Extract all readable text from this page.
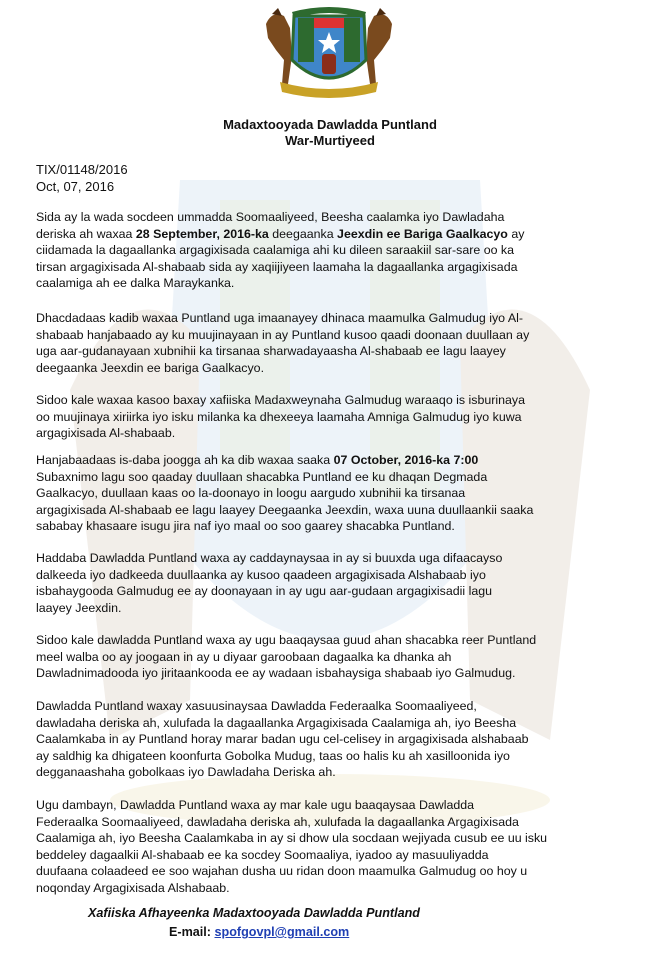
Madaxtooyada Dawladda Puntland
War-Murtiyeed
TIX/01148/2016
Oct, 07, 2016
Sida ay la wada socdeen ummadda Soomaaliyeed, Beesha caalamka iyo Dawladaha
deriska ah waxaa 28 September, 2016-ka deegaanka Jeexdin ee Bariga Gaalkacyo ay
ciidamada la dagaallanka argagixisada caalamiga ahi ku dileen saraakiil sar-sare oo ka
tirsan argagixisada Al-shabaab sida ay xaqiijiyeen laamaha la dagaallanka argagixisada
caalamiga ah ee dalka Maraykanka.
Dhacdadaas kadib waxaa Puntland uga imaanayey dhinaca maamulka Galmudug iyo Al-
shabaab hanjabaado ay ku muujinayaan in ay Puntland kusoo qaadi doonaan duullaan ay
uga aar-gudanayaan xubnihii ka tirsanaa sharwadayaasha Al-shabaab ee lagu laayey
deegaanka Jeexdin ee bariga Gaalkacyo.
Sidoo kale waxaa kasoo baxay xafiiska Madaxweynaha Galmudug waraaqo is isburinaya
oo muujinaya xiriirka iyo isku milanka ka dhexeeya laamaha Amniga Galmudug iyo kuwa
argagixisada Al-shabaab.
Hanjabaadaas is-daba joogga ah ka dib waxaa saaka 07 October, 2016-ka 7:00
Subaxnimo lagu soo qaaday duullaan shacabka Puntland ee ku dhaqan Degmada
Gaalkacyo, duullaan kaas oo la-doonayo in loogu aargudo xubnihii ka tirsanaa
argagixisada Al-shabaab ee lagu laayey Deegaanka Jeexdin, waxa uuna duullaankii saaka
sababay khasaare isugu jira naf iyo maal oo soo gaarey shacabka Puntland.
Haddaba Dawladda Puntland waxa ay caddaynaysaa in ay si buuxda uga difaacayso
dalkeeda iyo dadkeeda duullaanka ay kusoo qaadeen argagixisada Alshabaab iyo
isbahaygooda Galmudug ee ay doonayaan in ay ugu aar-gudaan argagixisadii lagu
laayey Jeexdin.
Sidoo kale dawladda Puntland waxa ay ugu baaqaysaa guud ahan shacabka reer Puntland
meel walba oo ay joogaan in ay u diyaar garoobaan dagaalka ka dhanka ah
Dawladnimadooda iyo jiritaankooda ee ay wadaan isbahaysiga shabaab iyo Galmudug.
Dawladda Puntland waxay xasuusinaysaa Dawladda Federaalka Soomaaliyeed,
dawladaha deriska ah, xulufada la dagaallanka Argagixisada Caalamiga ah, iyo Beesha
Caalamkaba in ay Puntland horay marar badan ugu cel-celisey in argagixisada alshabaab
ay saldhig ka dhigateen koonfurta Gobolka Mudug, taas oo halis ku ah xasilloonida iyo
degganaashaha gobolkaas iyo Dawladaha Deriska ah.
Ugu dambayn, Dawladda Puntland waxa ay mar kale ugu baaqaysaa Dawladda
Federaalka Soomaaliyeed, dawladaha deriska ah, xulufada la dagaallanka Argagixisada
Caalamiga ah, iyo Beesha Caalamkaba in ay si dhow ula socdaan wejiyada cusub ee uu isku
beddeley dagaalkii Al-shabaab ee ka socdey Soomaaliya, iyadoo ay masuuliyadda
duufaana colaadeed ee soo wajahan dusha uu ridan doon maamulka Galmudug oo hoy u
noqonday Argagixisada Alshabaab.
Xafiiska Afhayeenka Madaxtooyada Dawladda Puntland
E-mail: spofgovpl@gmail.com
